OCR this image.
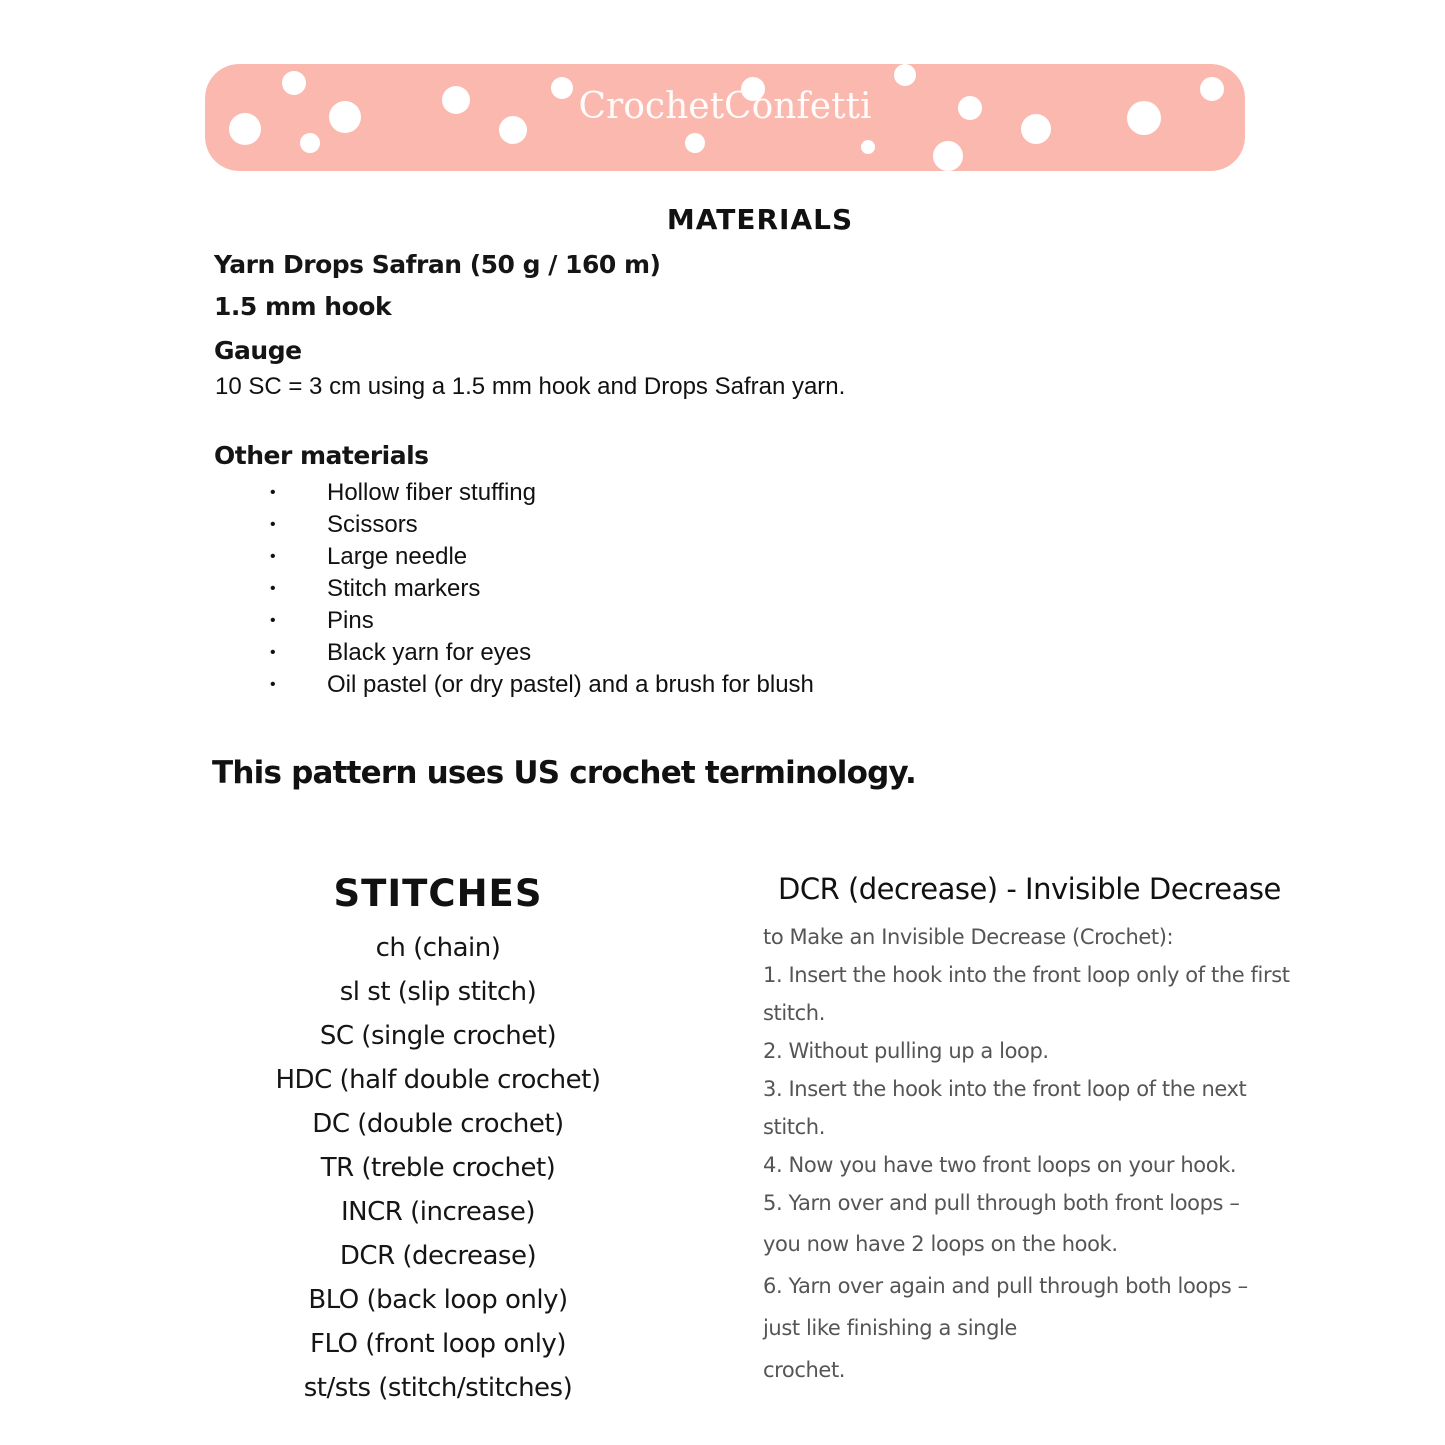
CrochetConfetti
MATERIALS
Yarn Drops Safran (50 g / 160 m)
1.5 mm hook
Gauge
10 SC = 3 cm using a 1.5 mm hook and Drops Safran yarn.
Other materials
• Hollow fiber stuffing
• Scissors
• Large needle
• Stitch markers
• Pins
• Black yarn for eyes
• Oil pastel (or dry pastel) and a brush for blush
This pattern uses US crochet terminology.
STITCHES
ch (chain)
sl st (slip stitch)
SC (single crochet)
HDC (half double crochet)
DC (double crochet)
TR (treble crochet)
INCR (increase)
DCR (decrease)
BLO (back loop only)
FLO (front loop only)
st/sts (stitch/stitches)
DCR (decrease) - Invisible Decrease
to Make an Invisible Decrease (Crochet):
1. Insert the hook into the front loop only of the first
stitch.
2. Without pulling up a loop.
3. Insert the hook into the front loop of the next
stitch.
4. Now you have two front loops on your hook.
5. Yarn over and pull through both front loops –
you now have 2 loops on the hook.
6. Yarn over again and pull through both loops –
just like finishing a single
crochet.
